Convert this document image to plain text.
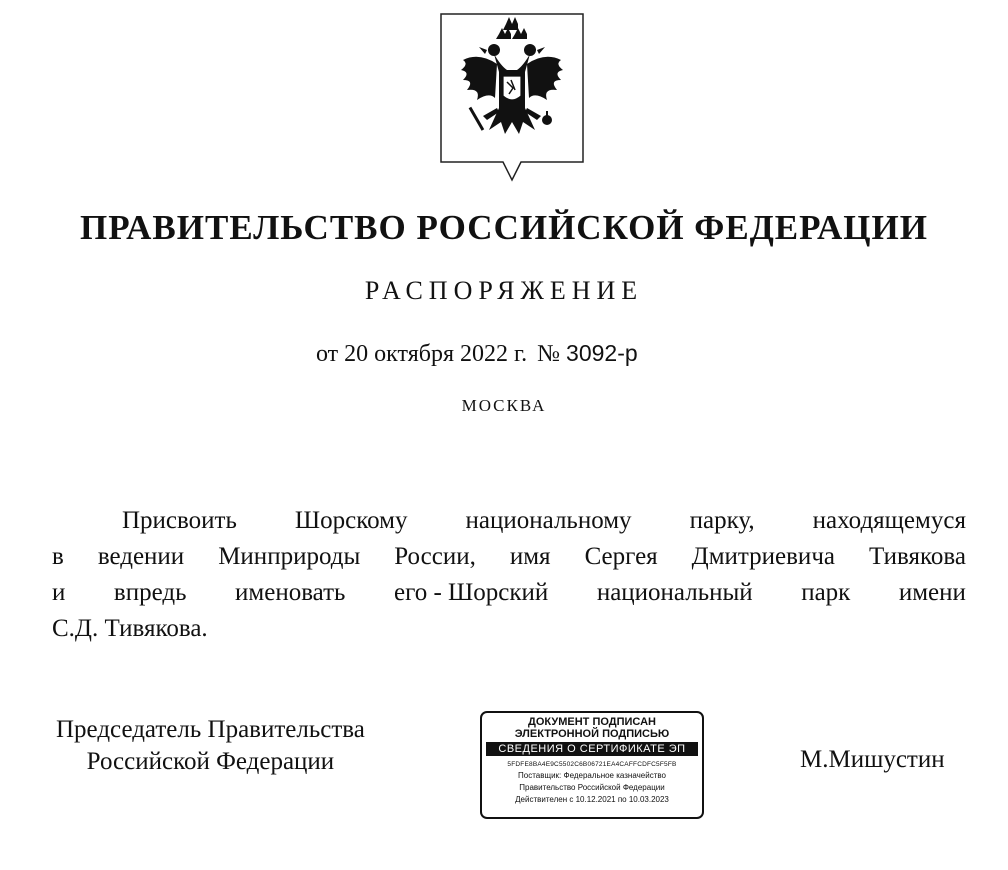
ПРАВИТЕЛЬСТВО РОССИЙСКОЙ ФЕДЕРАЦИИ
РАСПОРЯЖЕНИЕ
от 20 октября 2022 г. № 3092-р
МОСКВА
Присвоить Шорскому национальному парку, находящемуся
в ведении Минприроды России, имя Сергея Дмитриевича Тивякова
и впредь именовать его - Шорский национальный парк имени
С.Д. Тивякова.
Председатель Правительства
Российской Федерации
ДОКУМЕНТ ПОДПИСАН
ЭЛЕКТРОННОЙ ПОДПИСЬЮ
СВЕДЕНИЯ О СЕРТИФИКАТЕ ЭП
5FDFE8BA4E9C5502C6B06721EA4CAFFCDFC5F5FB
Поставщик: Федеральное казначейство
Правительство Российской Федерации
Действителен с 10.12.2021 по 10.03.2023
М.Мишустин
